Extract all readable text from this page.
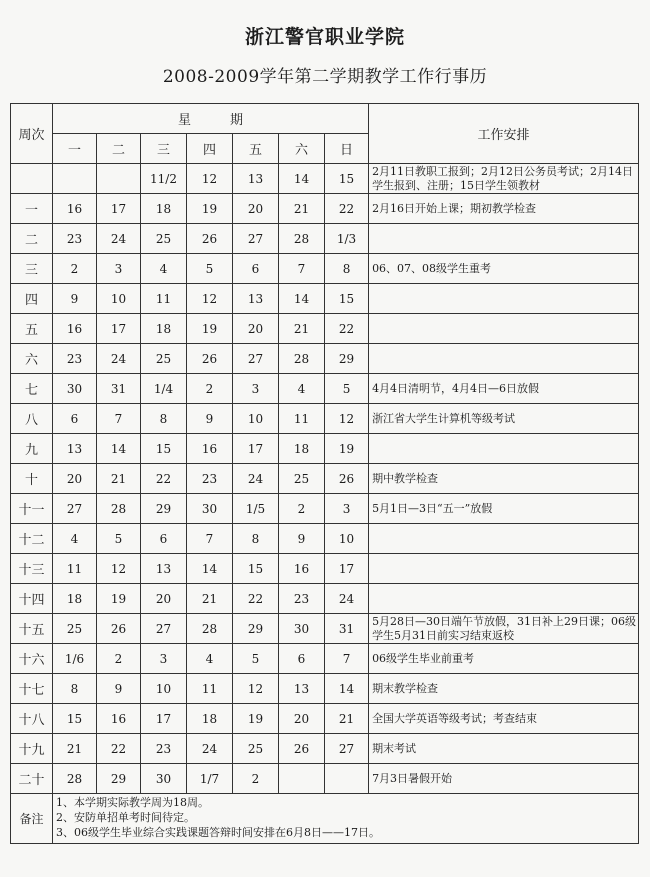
浙江警官职业学院
2008-2009学年第二学期教学工作行事历
周次	星　　　期							工作安排
	一	二	三	四	五	六	日	
			11/2	12	13	14	15	2月11日教职工报到；2月12日公务员考试；2月14日学生报到、注册；15日学生领教材
一	16	17	18	19	20	21	22	2月16日开始上课；期初教学检查
二	23	24	25	26	27	28	1/3	
三	2	3	4	5	6	7	8	06、07、08级学生重考
四	9	10	11	12	13	14	15	
五	16	17	18	19	20	21	22	
六	23	24	25	26	27	28	29	
七	30	31	1/4	2	3	4	5	4月4日清明节，4月4日—6日放假
八	6	7	8	9	10	11	12	浙江省大学生计算机等级考试
九	13	14	15	16	17	18	19	
十	20	21	22	23	24	25	26	期中教学检查
十一	27	28	29	30	1/5	2	3	5月1日—3日“五一”放假
十二	4	5	6	7	8	9	10	
十三	11	12	13	14	15	16	17	
十四	18	19	20	21	22	23	24	
十五	25	26	27	28	29	30	31	5月28日—30日端午节放假，31日补上29日课；06级学生5月31日前实习结束返校
十六	1/6	2	3	4	5	6	7	06级学生毕业前重考
十七	8	9	10	11	12	13	14	期末教学检查
十八	15	16	17	18	19	20	21	全国大学英语等级考试；考查结束
十九	21	22	23	24	25	26	27	期末考试
二十	28	29	30	1/7	2			7月3日暑假开始
备注	1、本学期实际教学周为18周。
2、安防单招单考时间待定。
3、06级学生毕业综合实践课题答辩时间安排在6月8日——17日。							
